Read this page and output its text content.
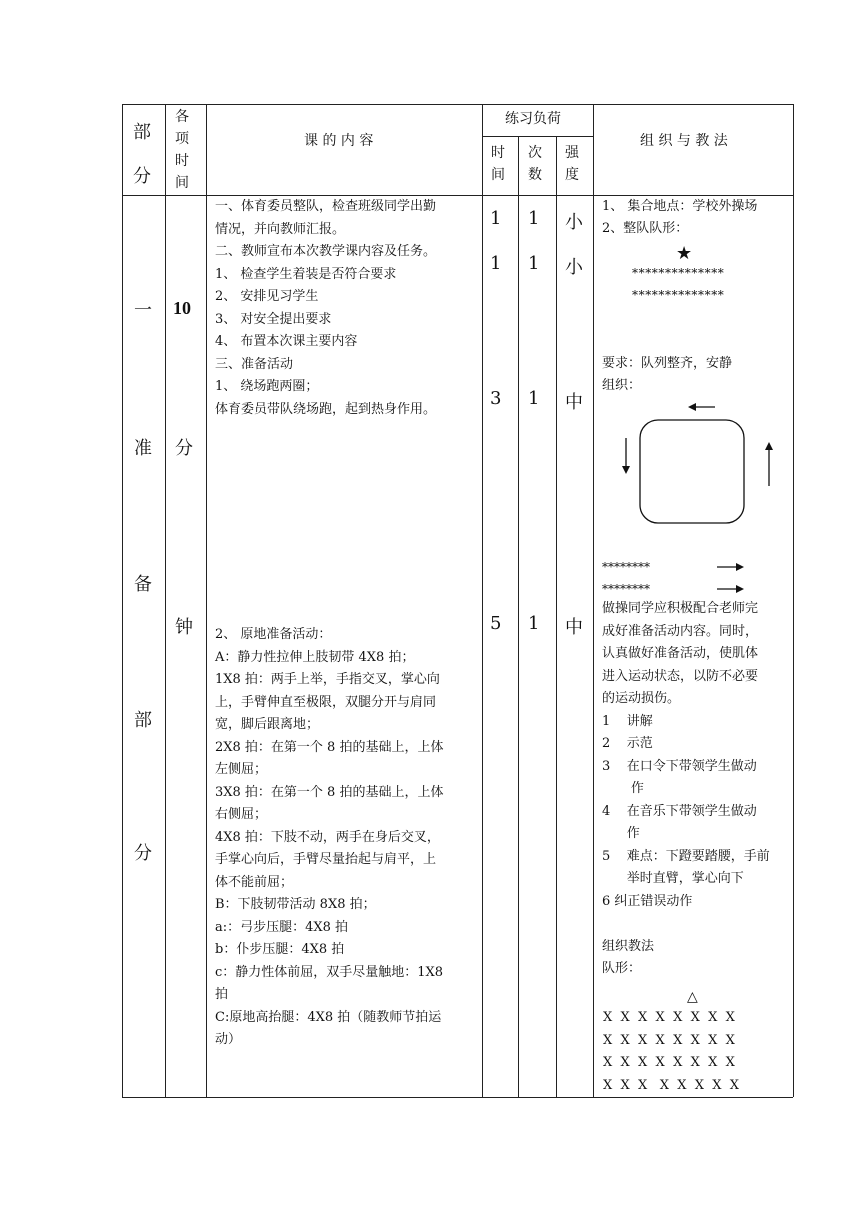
部
分
各
项
时
间
课 的 内 容
练习负荷
时
间
次
数
强
度
组 织 与 教 法
一
准
备
部
分
10
分
钟
一、体育委员整队，检查班级同学出勤
情况，并向教师汇报。
二、教师宣布本次教学课内容及任务。
1、 检查学生着装是否符合要求
2、 安排见习学生
3、 对安全提出要求
4、 布置本次课主要内容
三、准备活动
1、 绕场跑两圈；
体育委员带队绕场跑，起到热身作用。
2、 原地准备活动：
A：静力性拉伸上肢韧带 4X8 拍；
1X8 拍：两手上举，手指交叉，掌心向
上，手臂伸直至极限，双腿分开与肩同
宽，脚后跟离地；
2X8 拍：在第一个 8 拍的基础上，上体
左侧屈；
3X8 拍：在第一个 8 拍的基础上，上体
右侧屈；
4X8 拍：下肢不动，两手在身后交叉，
手掌心向后，手臂尽量抬起与肩平，上
体不能前屈；
B：下肢韧带活动 8X8 拍；
a:：弓步压腿：4X8 拍
b：仆步压腿：4X8 拍
c：静力性体前屈，双手尽量触地：1X8
拍
C:原地高抬腿：4X8 拍（随教师节拍运
动）
1 1 小
1 1 小
3 1 中
5 1 中
1、 集合地点：学校外操场
2、整队队形：
★
**************
**************
要求：队列整齐，安静
组织：
********
********
做操同学应积极配合老师完
成好准备活动内容。同时，
认真做好准备活动，使肌体
进入运动状态，以防不必要
的运动损伤。
1    讲解
2    示范
3    在口令下带领学生做动
作
4    在音乐下带领学生做动
作
5    难点：下蹬要踏腰，手前
举时直臂，掌心向下
6 纠正错误动作
组织教法
队形：
△
X  X  X  X  X  X  X  X
X  X  X  X  X  X  X  X
X  X  X  X  X  X  X  X
X  X  X   X  X  X  X  X
